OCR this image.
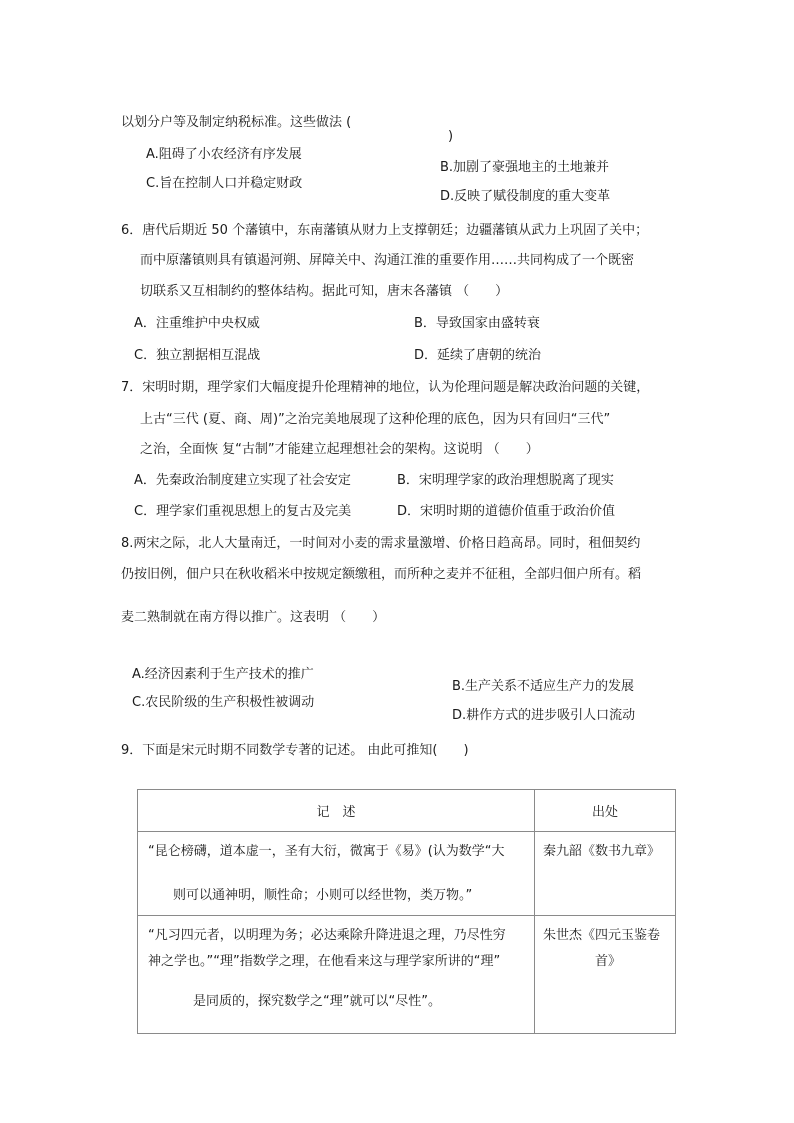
以划分户等及制定纳税标准。这些做法 (
)
A.阻碍了小农经济有序发展
B.加剧了豪强地主的土地兼并
C.旨在控制人口并稳定财政
D.反映了赋役制度的重大变革
6．唐代后期近 50 个藩镇中，东南藩镇从财力上支撑朝廷；边疆藩镇从武力上巩固了关中；
而中原藩镇则具有镇遏河朔、屏障关中、沟通江淮的重要作用……共同构成了一个既密
切联系又互相制约的整体结构。据此可知，唐末各藩镇 （　　）
A．注重维护中央权威	B．导致国家由盛转衰
C．独立割据相互混战	D．延续了唐朝的统治
7．宋明时期，理学家们大幅度提升伦理精神的地位，认为伦理问题是解决政治问题的关键，
上古“三代 (夏、商、周)”之治完美地展现了这种伦理的底色，因为只有回归“三代”
之治，全面恢 复“古制”才能建立起理想社会的架构。这说明 （　　）
A．先秦政治制度建立实现了社会安定	B．宋明理学家的政治理想脱离了现实
C．理学家们重视思想上的复古及完美	D．宋明时期的道德价值重于政治价值
8.两宋之际，北人大量南迁，一时间对小麦的需求量激增、价格日趋高昂。同时，租佃契约
仍按旧例，佃户只在秋收稻米中按规定额缴租，而所种之麦并不征租，全部归佃户所有。稻
麦二熟制就在南方得以推广。这表明 （　　）
A.经济因素利于生产技术的推广
B.生产关系不适应生产力的发展
C.农民阶级的生产积极性被调动
D.耕作方式的进步吸引人口流动
9．下面是宋元时期不同数学专著的记述。 由此可推知(　　)
记　述	出处

“昆仑榜礴，道本虚一，圣有大衍，微寓于《易》(认为数学“大
则可以通神明，顺性命；小则可以经世物，类万物。”	秦九韶《数书九章》

“凡习四元者，以明理为务；必达乘除升降进退之理，乃尽性穷
神之学也。”“理”指数学之理，在他看来这与理学家所讲的“理”
是同质的，探究数学之“理”就可以“尽性”。	朱世杰《四元玉鉴卷
首》
